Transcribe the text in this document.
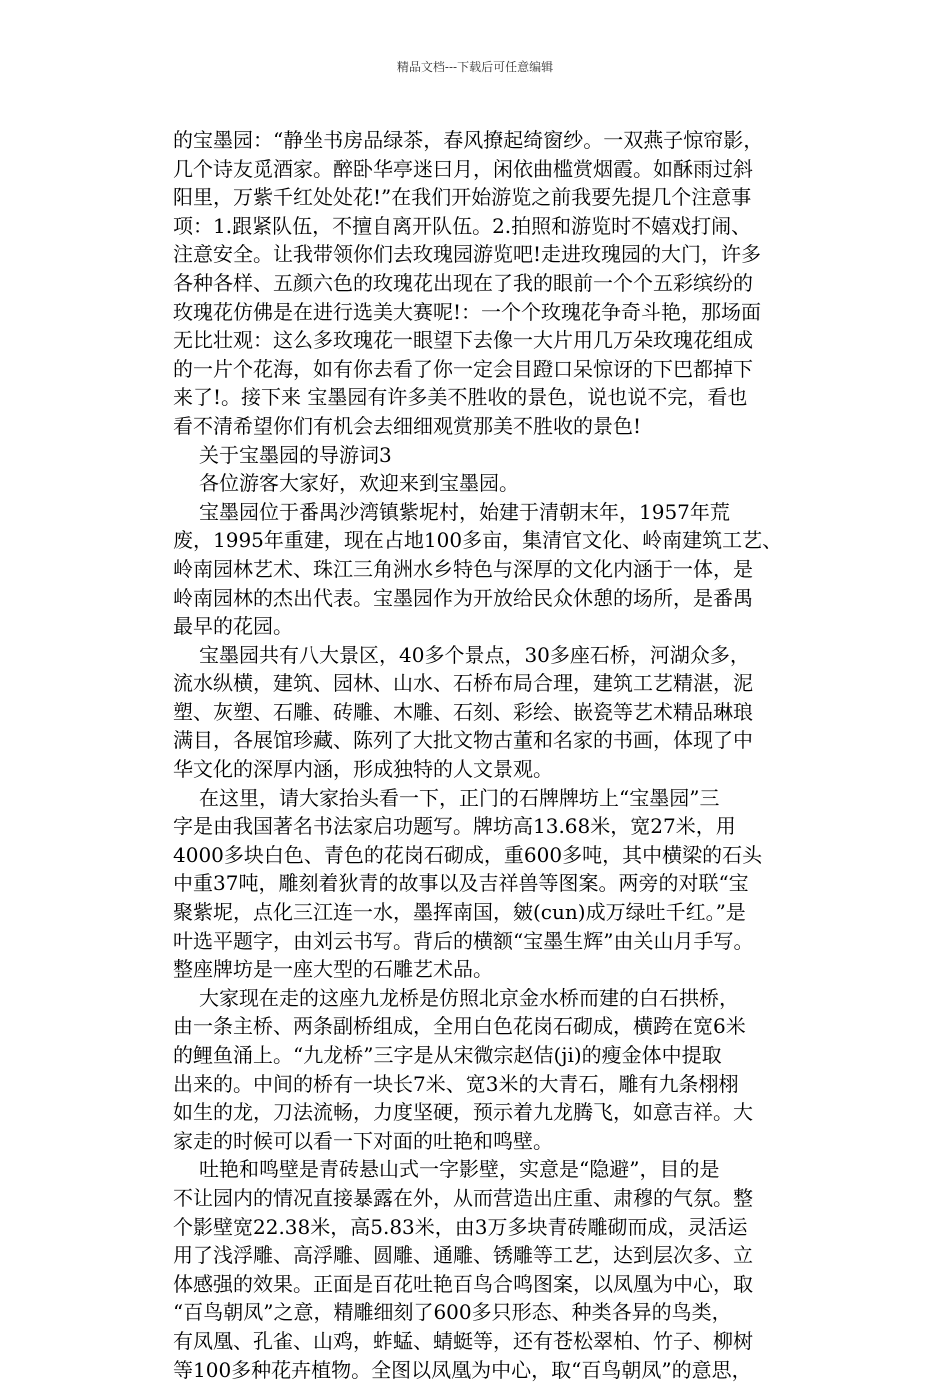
精品文档---下载后可任意编辑
的宝墨园：“静坐书房品绿茶，春风撩起绮窗纱。一双燕子惊帘影，
几个诗友觅酒家。醉卧华亭迷曰月，闲依曲槛赏烟霞。如酥雨过斜
阳里，万紫千红处处花!”在我们开始游览之前我要先提几个注意事
项：1.跟紧队伍，不擅自离开队伍。2.拍照和游览时不嬉戏打闹、
注意安全。让我带领你们去玫瑰园游览吧!走进玫瑰园的大门，许多
各种各样、五颜六色的玫瑰花出现在了我的眼前一个个五彩缤纷的
玫瑰花仿佛是在进行选美大赛呢!：一个个玫瑰花争奇斗艳，那场面
无比壮观：这么多玫瑰花一眼望下去像一大片用几万朵玫瑰花组成
的一片个花海，如有你去看了你一定会目蹬口呆惊讶的下巴都掉下
来了!。接下来 宝墨园有许多美不胜收的景色，说也说不完，看也
看不清希望你们有机会去细细观赏那美不胜收的景色!
关于宝墨园的导游词3
各位游客大家好，欢迎来到宝墨园。
宝墨园位于番禺沙湾镇紫坭村，始建于清朝末年，1957年荒
废，1995年重建，现在占地100多亩，集清官文化、岭南建筑工艺、
岭南园林艺术、珠江三角洲水乡特色与深厚的文化内涵于一体，是
岭南园林的杰出代表。宝墨园作为开放给民众休憩的场所，是番禺
最早的花园。
宝墨园共有八大景区，40多个景点，30多座石桥，河湖众多，
流水纵横，建筑、园林、山水、石桥布局合理，建筑工艺精湛，泥
塑、灰塑、石雕、砖雕、木雕、石刻、彩绘、嵌瓷等艺术精品琳琅
满目，各展馆珍藏、陈列了大批文物古董和名家的书画，体现了中
华文化的深厚内涵，形成独特的人文景观。
在这里，请大家抬头看一下，正门的石牌牌坊上“宝墨园”三
字是由我国著名书法家启功题写。牌坊高13.68米，宽27米，用
4000多块白色、青色的花岗石砌成，重600多吨，其中横梁的石头
中重37吨，雕刻着狄青的故事以及吉祥兽等图案。两旁的对联“宝
聚紫坭，点化三江连一水，墨挥南国，皴(cun)成万绿吐千红。”是
叶选平题字，由刘云书写。背后的横额“宝墨生辉”由关山月手写。
整座牌坊是一座大型的石雕艺术品。
大家现在走的这座九龙桥是仿照北京金水桥而建的白石拱桥，
由一条主桥、两条副桥组成，全用白色花岗石砌成，横跨在宽6米
的鲤鱼涌上。“九龙桥”三字是从宋微宗赵佶(ji)的瘦金体中提取
出来的。中间的桥有一块长7米、宽3米的大青石，雕有九条栩栩
如生的龙，刀法流畅，力度坚硬，预示着九龙腾飞，如意吉祥。大
家走的时候可以看一下对面的吐艳和鸣壁。
吐艳和鸣壁是青砖悬山式一字影壁，实意是“隐避”，目的是
不让园内的情况直接暴露在外，从而营造出庄重、肃穆的气氛。整
个影壁宽22.38米，高5.83米，由3万多块青砖雕砌而成，灵活运
用了浅浮雕、高浮雕、圆雕、通雕、锈雕等工艺，达到层次多、立
体感强的效果。正面是百花吐艳百鸟合鸣图案，以凤凰为中心，取
“百鸟朝凤”之意，精雕细刻了600多只形态、种类各异的鸟类，
有凤凰、孔雀、山鸡，蚱蜢、蜻蜓等，还有苍松翠柏、竹子、柳树
等100多种花卉植物。全图以凤凰为中心，取“百鸟朝凤”的意思，
